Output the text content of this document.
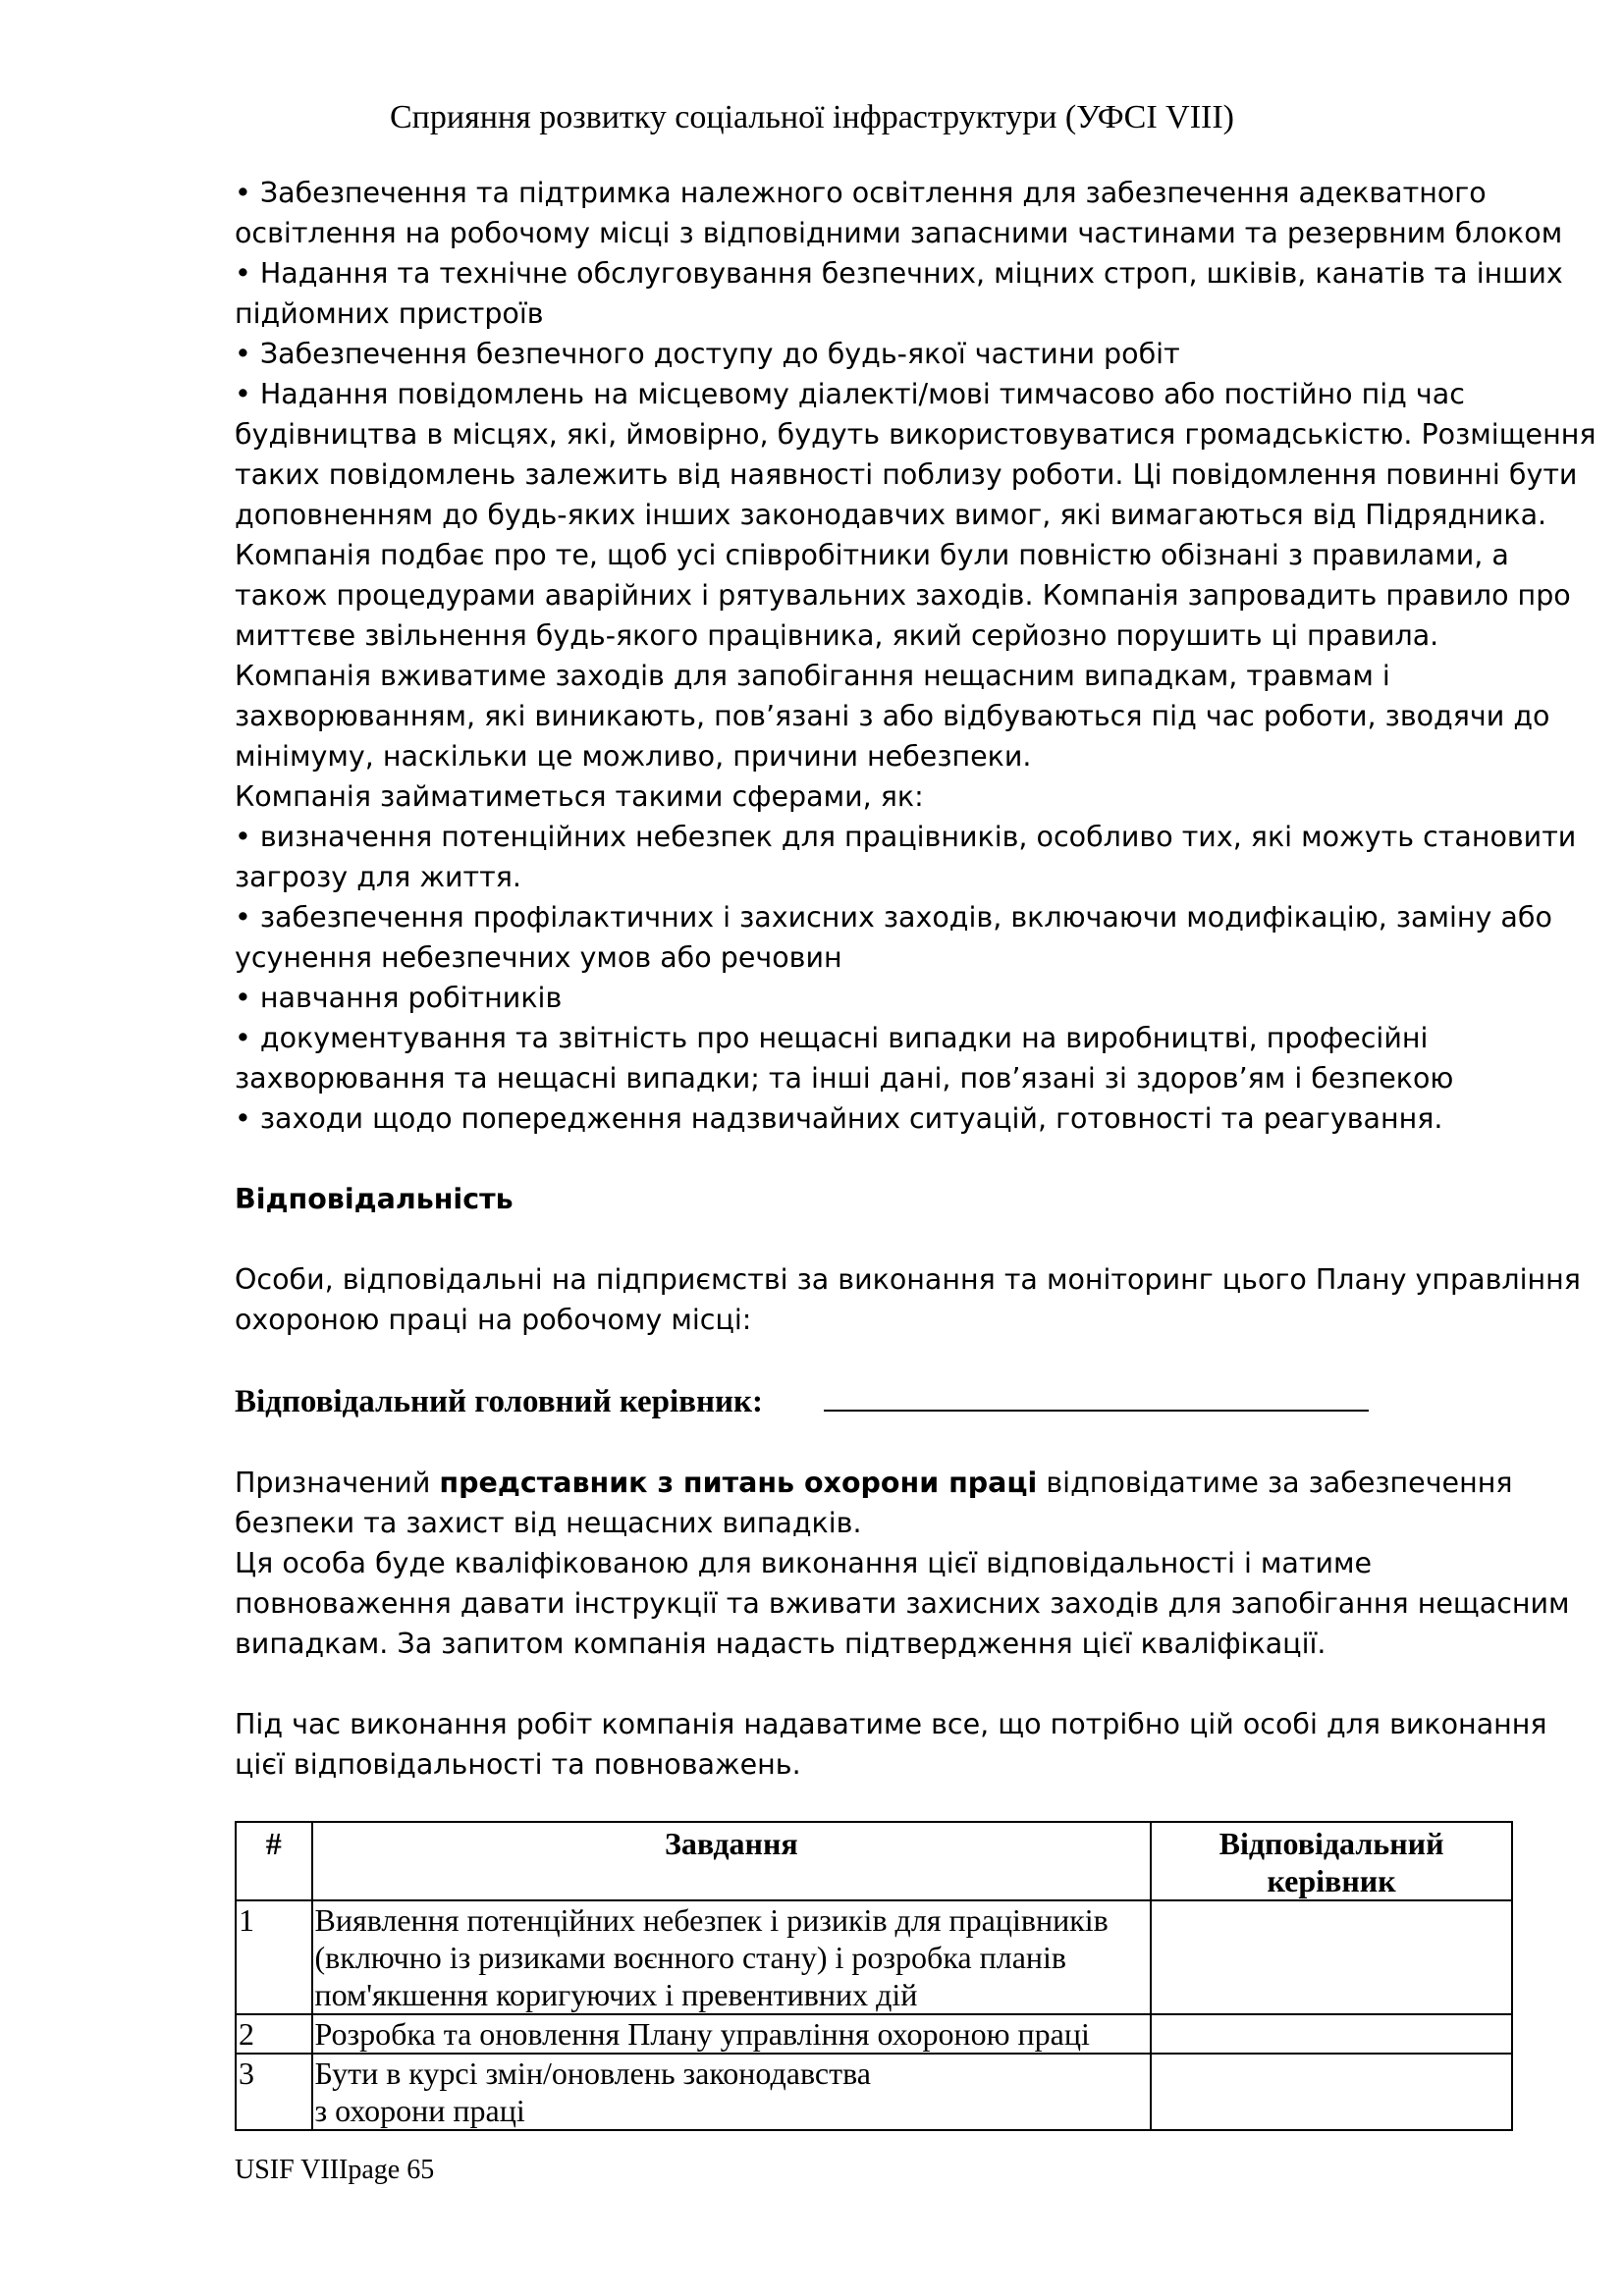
Сприяння розвитку соціальної інфраструктури (УФСІ VIII)
• Забезпечення та підтримка належного освітлення для забезпечення адекватного
освітлення на робочому місці з відповідними запасними частинами та резервним блоком
• Надання та технічне обслуговування безпечних, міцних строп, шківів, канатів та інших
підйомних пристроїв
• Забезпечення безпечного доступу до будь-якої частини робіт
• Надання повідомлень на місцевому діалекті/мові тимчасово або постійно під час
будівництва в місцях, які, ймовірно, будуть використовуватися громадськістю. Розміщення
таких повідомлень залежить від наявності поблизу роботи. Ці повідомлення повинні бути
доповненням до будь-яких інших законодавчих вимог, які вимагаються від Підрядника.
Компанія подбає про те, щоб усі співробітники були повністю обізнані з правилами, а
також процедурами аварійних і рятувальних заходів. Компанія запровадить правило про
миттєве звільнення будь-якого працівника, який серйозно порушить ці правила.
Компанія вживатиме заходів для запобігання нещасним випадкам, травмам і
захворюванням, які виникають, пов’язані з або відбуваються під час роботи, зводячи до
мінімуму, наскільки це можливо, причини небезпеки.
Компанія займатиметься такими сферами, як:
• визначення потенційних небезпек для працівників, особливо тих, які можуть становити
загрозу для життя.
• забезпечення профілактичних і захисних заходів, включаючи модифікацію, заміну або
усунення небезпечних умов або речовин
• навчання робітників
• документування та звітність про нещасні випадки на виробництві, професійні
захворювання та нещасні випадки; та інші дані, пов’язані зі здоров’ям і безпекою
• заходи щодо попередження надзвичайних ситуацій, готовності та реагування.
Відповідальність
Особи, відповідальні на підприємстві за виконання та моніторинг цього Плану управління
охороною праці на робочому місці:
Відповідальний головний керівник:
Призначений представник з питань охорони праці відповідатиме за забезпечення
безпеки та захист від нещасних випадків.
Ця особа буде кваліфікованою для виконання цієї відповідальності і матиме
повноваження давати інструкції та вживати захисних заходів для запобігання нещасним
випадкам. За запитом компанія надасть підтвердження цієї кваліфікації.
Під час виконання робіт компанія надаватиме все, що потрібно цій особі для виконання
цієї відповідальності та повноважень.
#	Завдання	Відповідальний
керівник

1	Виявлення потенційних небезпек і ризиків для працівників
(включно із ризиками воєнного стану) і розробка планів
пом'якшення коригуючих і превентивних дій	

2	Розробка та оновлення Плану управління охороною праці	

3	Бути в курсі змін/оновлень законодавства
з охорони праці	

USIF VIIIpage 65
